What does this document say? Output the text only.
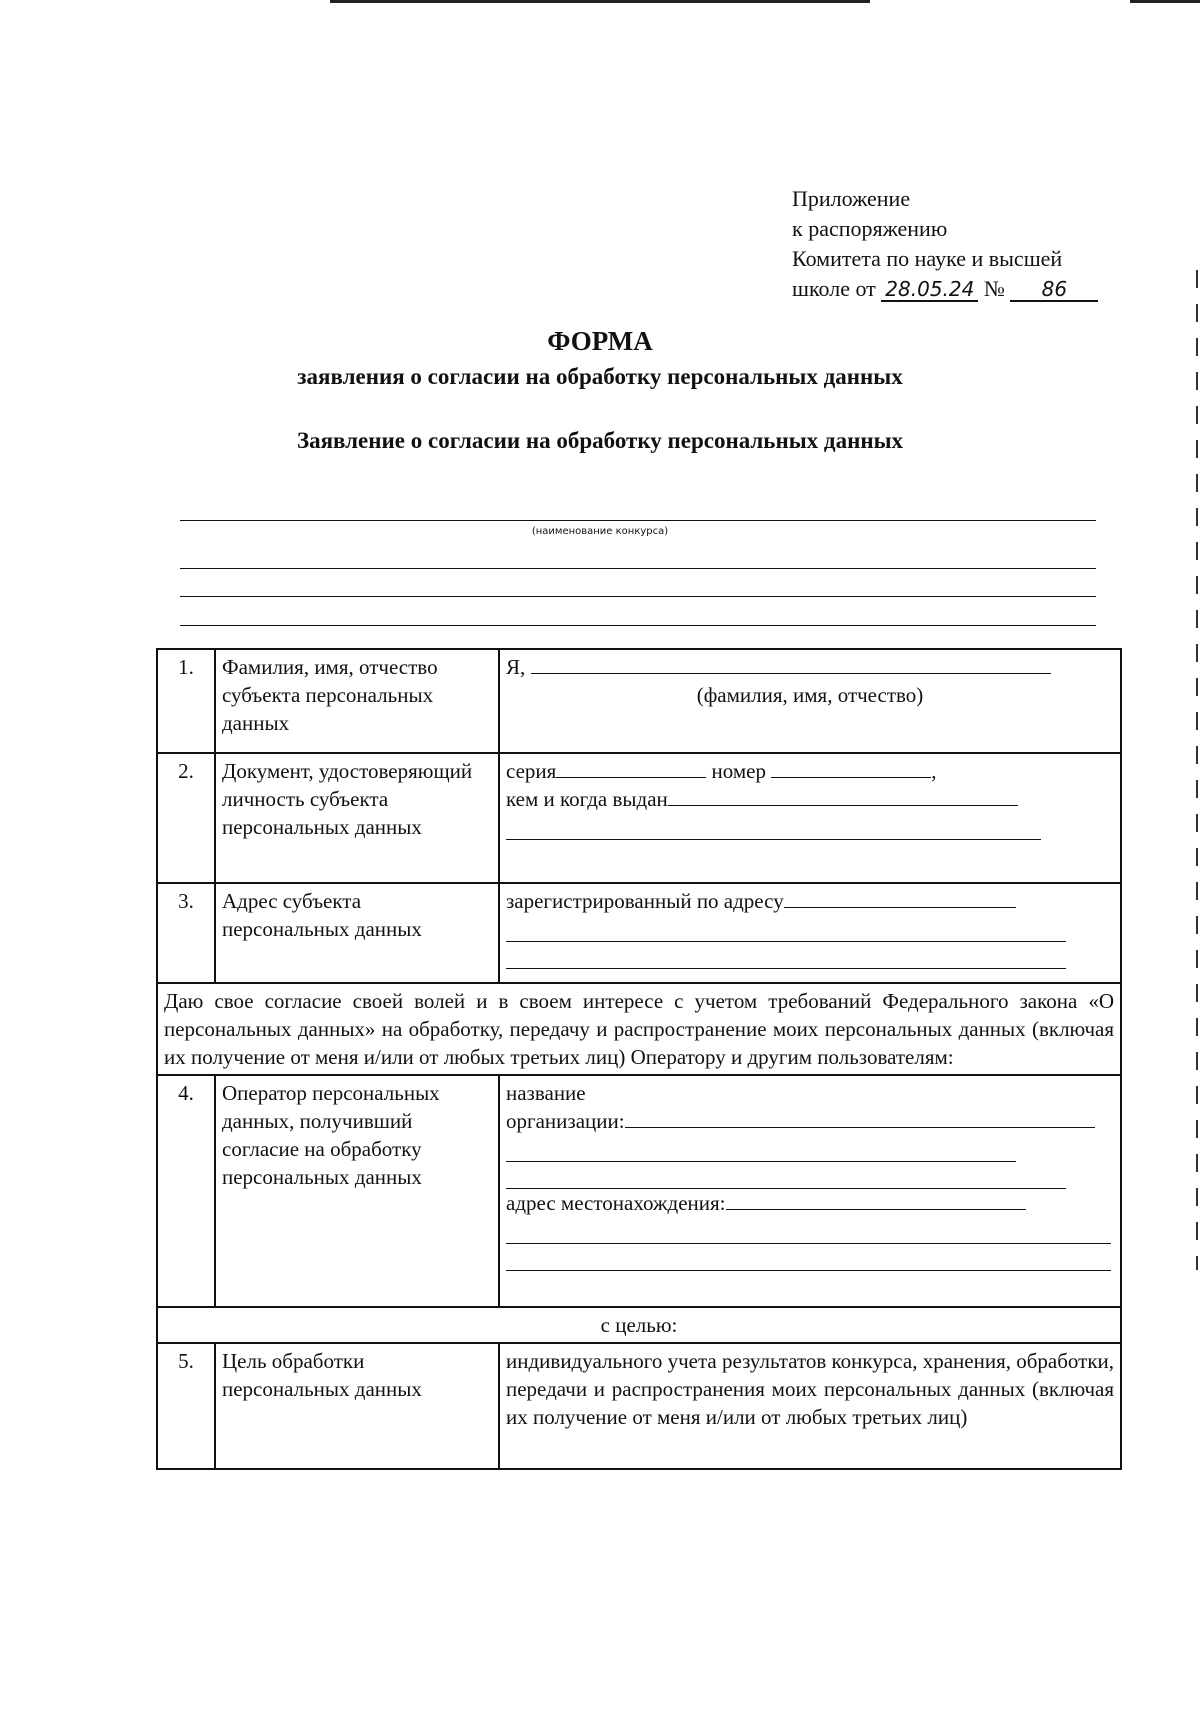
Приложение
к распоряжению
Комитета по науке и высшей
школе от 28.05.24 № 86
ФОРМА
заявления о согласии на обработку персональных данных
Заявление о согласии на обработку персональных данных
(наименование конкурса)
1.	Фамилия, имя, отчество субъекта персональных данных	Я,
(фамилия, имя, отчество)

2.	Документ, удостоверяющий личность субъекта персональных данных	серия номер ,
кем и когда выдан

3.	Адрес субъекта персональных данных	зарегистрированный по адресу

Даю свое согласие своей волей и в своем интересе с учетом требований Федерального закона «О персональных данных» на обработку, передачу и распространение моих персональных данных (включая их получение от меня и/или от любых третьих лиц) Оператору и другим пользователям:		
4.	Оператор персональных данных, получивший согласие на обработку персональных данных	название
организации:
адрес местонахождения:

с целью:		
5.	Цель обработки персональных данных	индивидуального учета результатов конкурса, хранения, обработки, передачи и распространения моих персональных данных (включая их получение от меня и/или от любых третьих лиц)
